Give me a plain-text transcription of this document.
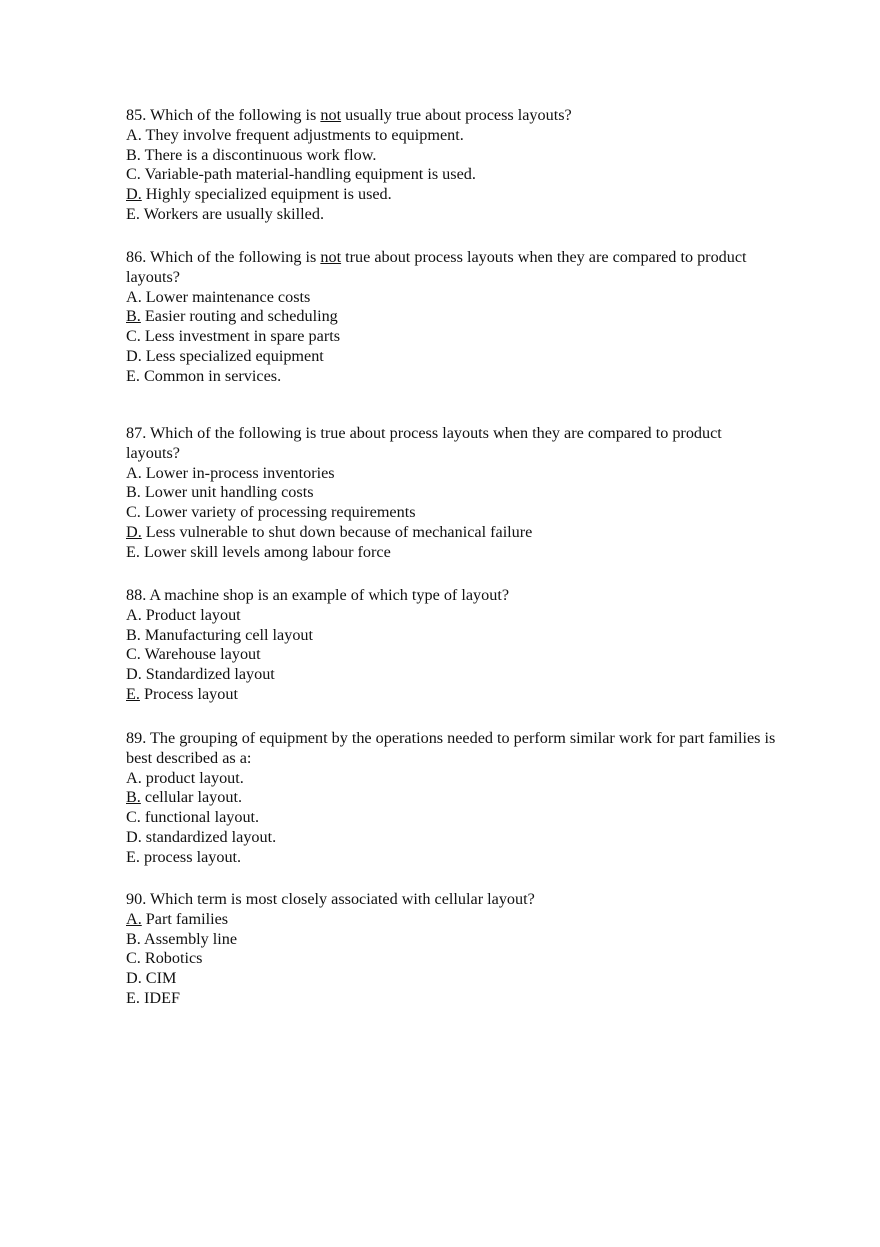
85. Which of the following is not usually true about process layouts?
A. They involve frequent adjustments to equipment.
B. There is a discontinuous work flow.
C. Variable-path material-handling equipment is used.
D. Highly specialized equipment is used.
E. Workers are usually skilled.
86. Which of the following is not true about process layouts when they are compared to product layouts?
A. Lower maintenance costs
B. Easier routing and scheduling
C. Less investment in spare parts
D. Less specialized equipment
E. Common in services.
87. Which of the following is true about process layouts when they are compared to product layouts?
A. Lower in-process inventories
B. Lower unit handling costs
C. Lower variety of processing requirements
D. Less vulnerable to shut down because of mechanical failure
E. Lower skill levels among labour force
88. A machine shop is an example of which type of layout?
A. Product layout
B. Manufacturing cell layout
C. Warehouse layout
D. Standardized layout
E. Process layout
89. The grouping of equipment by the operations needed to perform similar work for part families is best described as a:
A. product layout.
B. cellular layout.
C. functional layout.
D. standardized layout.
E. process layout.
90. Which term is most closely associated with cellular layout?
A. Part families
B. Assembly line
C. Robotics
D. CIM
E. IDEF
